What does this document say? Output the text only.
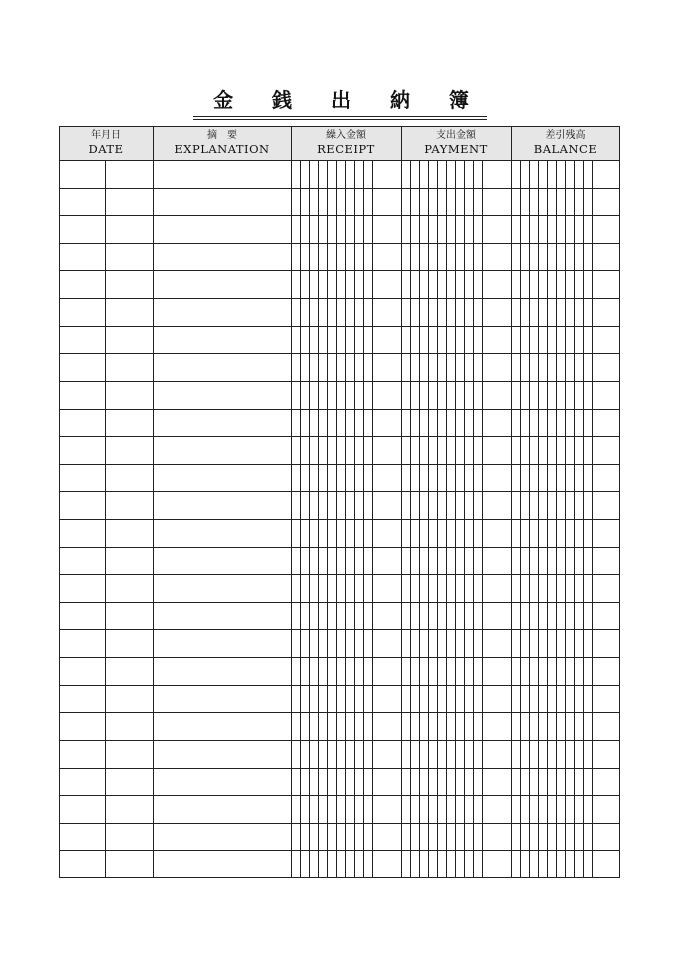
金 銭 出 納 簿
年月日
DATE
摘　要
EXPLANATION
繰入金額
RECEIPT
支出金額
PAYMENT
差引残高
BALANCE
